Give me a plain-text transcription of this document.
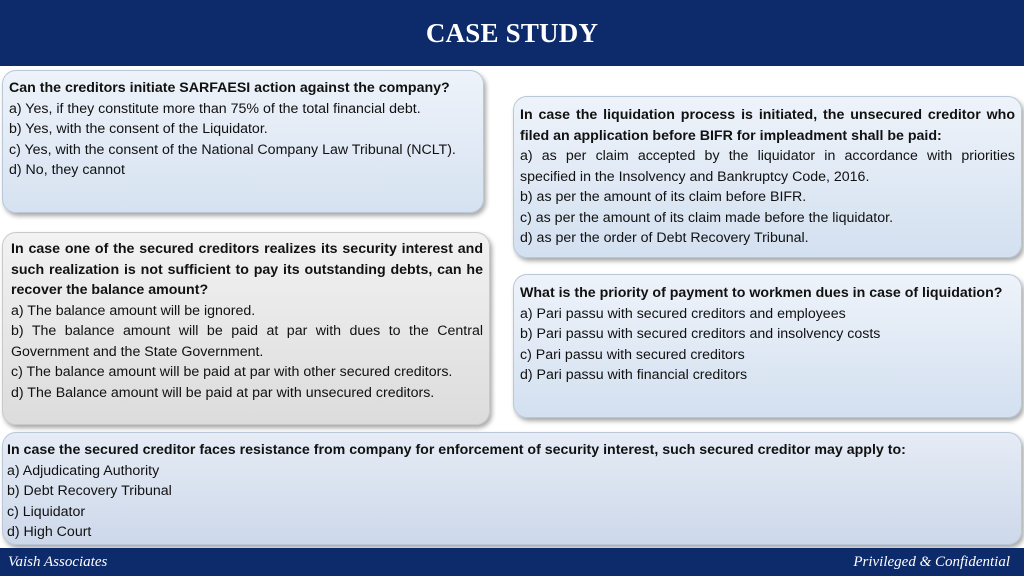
CASE STUDY

Can the creditors initiate SARFAESI action against the company?

a) Yes, if they constitute more than 75% of the total financial debt.

b) Yes, with the consent of the Liquidator.

c) Yes, with the consent of the National Company Law Tribunal (NCLT).

d) No, they cannot

In case the liquidation process is initiated, the unsecured creditor who filed an application before BIFR for impleadment shall be paid:

a) as per claim accepted by the liquidator in accordance with priorities specified in the Insolvency and Bankruptcy Code, 2016.

b) as per the amount of its claim before BIFR.

c) as per the amount of its claim made before the liquidator.

d) as per the order of Debt Recovery Tribunal.

In case one of the secured creditors realizes its security interest and such realization is not sufficient to pay its outstanding debts, can he recover the balance amount?

a) The balance amount will be ignored.

b) The balance amount will be paid at par with dues to the Central Government and the State Government.

c) The balance amount will be paid at par with other secured creditors.

d) The Balance amount will be paid at par with unsecured creditors.

What is the priority of payment to workmen dues in case of liquidation?

a) Pari passu with secured creditors and employees

b) Pari passu with secured creditors and insolvency costs

c) Pari passu with secured creditors

d) Pari passu with financial creditors

In case the secured creditor faces resistance from company for enforcement of security interest, such secured creditor may apply to:

a) Adjudicating Authority

b) Debt Recovery Tribunal

c) Liquidator

d) High Court

Vaish Associates	Privileged & Confidential
